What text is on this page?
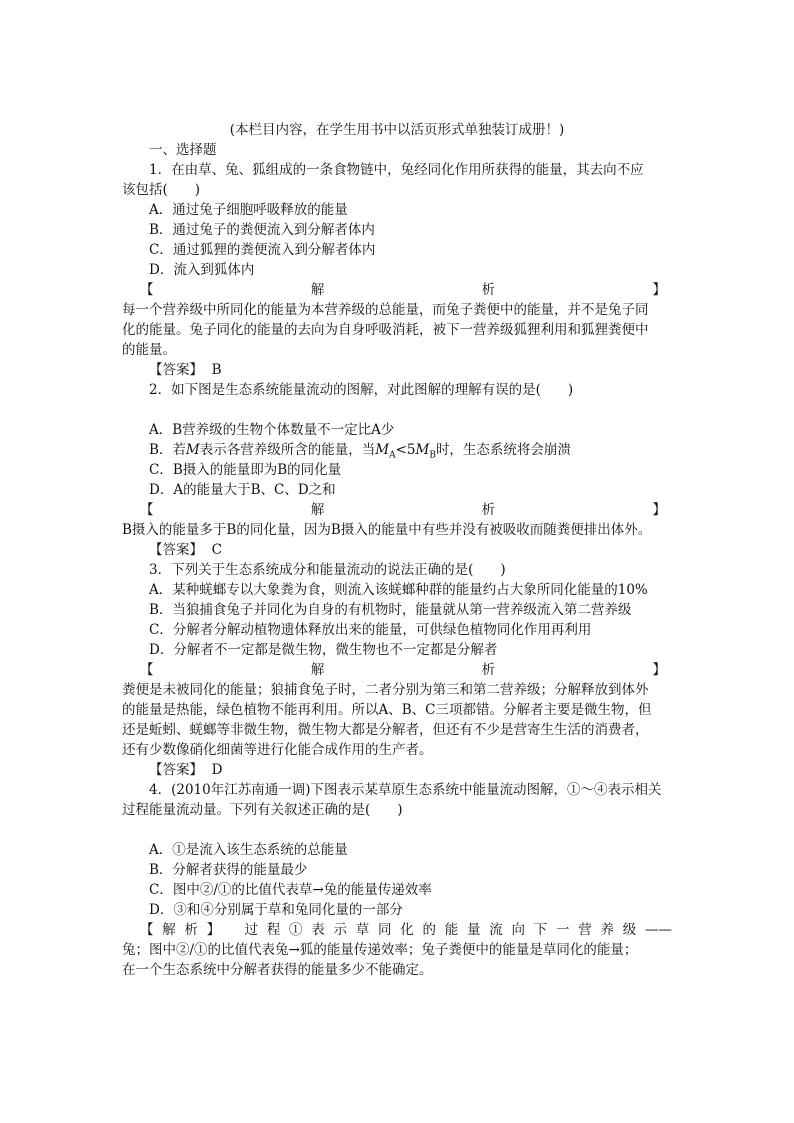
(本栏目内容，在学生用书中以活页形式单独装订成册！)
一、选择题
1．在由草、兔、狐组成的一条食物链中，兔经同化作用所获得的能量，其去向不应
该包括(　　)
A．通过兔子细胞呼吸释放的能量
B．通过兔子的粪便流入到分解者体内
C．通过狐狸的粪便流入到分解者体内
D．流入到狐体内
【	解	析	】
每一个营养级中所同化的能量为本营养级的总能量，而兔子粪便中的能量，并不是兔子同
化的能量。兔子同化的能量的去向为自身呼吸消耗，被下一营养级狐狸利用和狐狸粪便中
的能量。
【答案】 B
2．如下图是生态系统能量流动的图解，对此图解的理解有误的是(　　)
A．B营养级的生物个体数量不一定比A少
B．若M表示各营养级所含的能量，当$M_A<5M_B$时，生态系统将会崩溃
C．B摄入的能量即为B的同化量
D．A的能量大于B、C、D之和
【	解	析	】
B摄入的能量多于B的同化量，因为B摄入的能量中有些并没有被吸收而随粪便排出体外。
【答案】 C
3．下列关于生态系统成分和能量流动的说法正确的是(　　)
A．某种蜣螂专以大象粪为食，则流入该蜣螂种群的能量约占大象所同化能量的10%
B．当狼捕食兔子并同化为自身的有机物时，能量就从第一营养级流入第二营养级
C．分解者分解动植物遗体释放出来的能量，可供绿色植物同化作用再利用
D．分解者不一定都是微生物，微生物也不一定都是分解者
【	解	析	】
粪便是未被同化的能量；狼捕食兔子时，二者分别为第三和第二营养级；分解释放到体外
的能量是热能，绿色植物不能再利用。所以A、B、C三项都错。分解者主要是微生物，但
还是蚯蚓、蜣螂等非微生物，微生物大都是分解者，但还有不少是营寄生生活的消费者，
还有少数像硝化细菌等进行化能合成作用的生产者。
【答案】 D
4．(2010年江苏南通一调)下图表示某草原生态系统中能量流动图解，①～④表示相关
过程能量流动量。下列有关叙述正确的是(　　)
A．①是流入该生态系统的总能量
B．分解者获得的能量最少
C．图中②/①的比值代表草→兔的能量传递效率
D．③和④分别属于草和兔同化量的一部分
【解析】　过程①表示草同化的能量流向下一营养级——
兔；图中②/①的比值代表兔→狐的能量传递效率；兔子粪便中的能量是草同化的能量；
在一个生态系统中分解者获得的能量多少不能确定。
